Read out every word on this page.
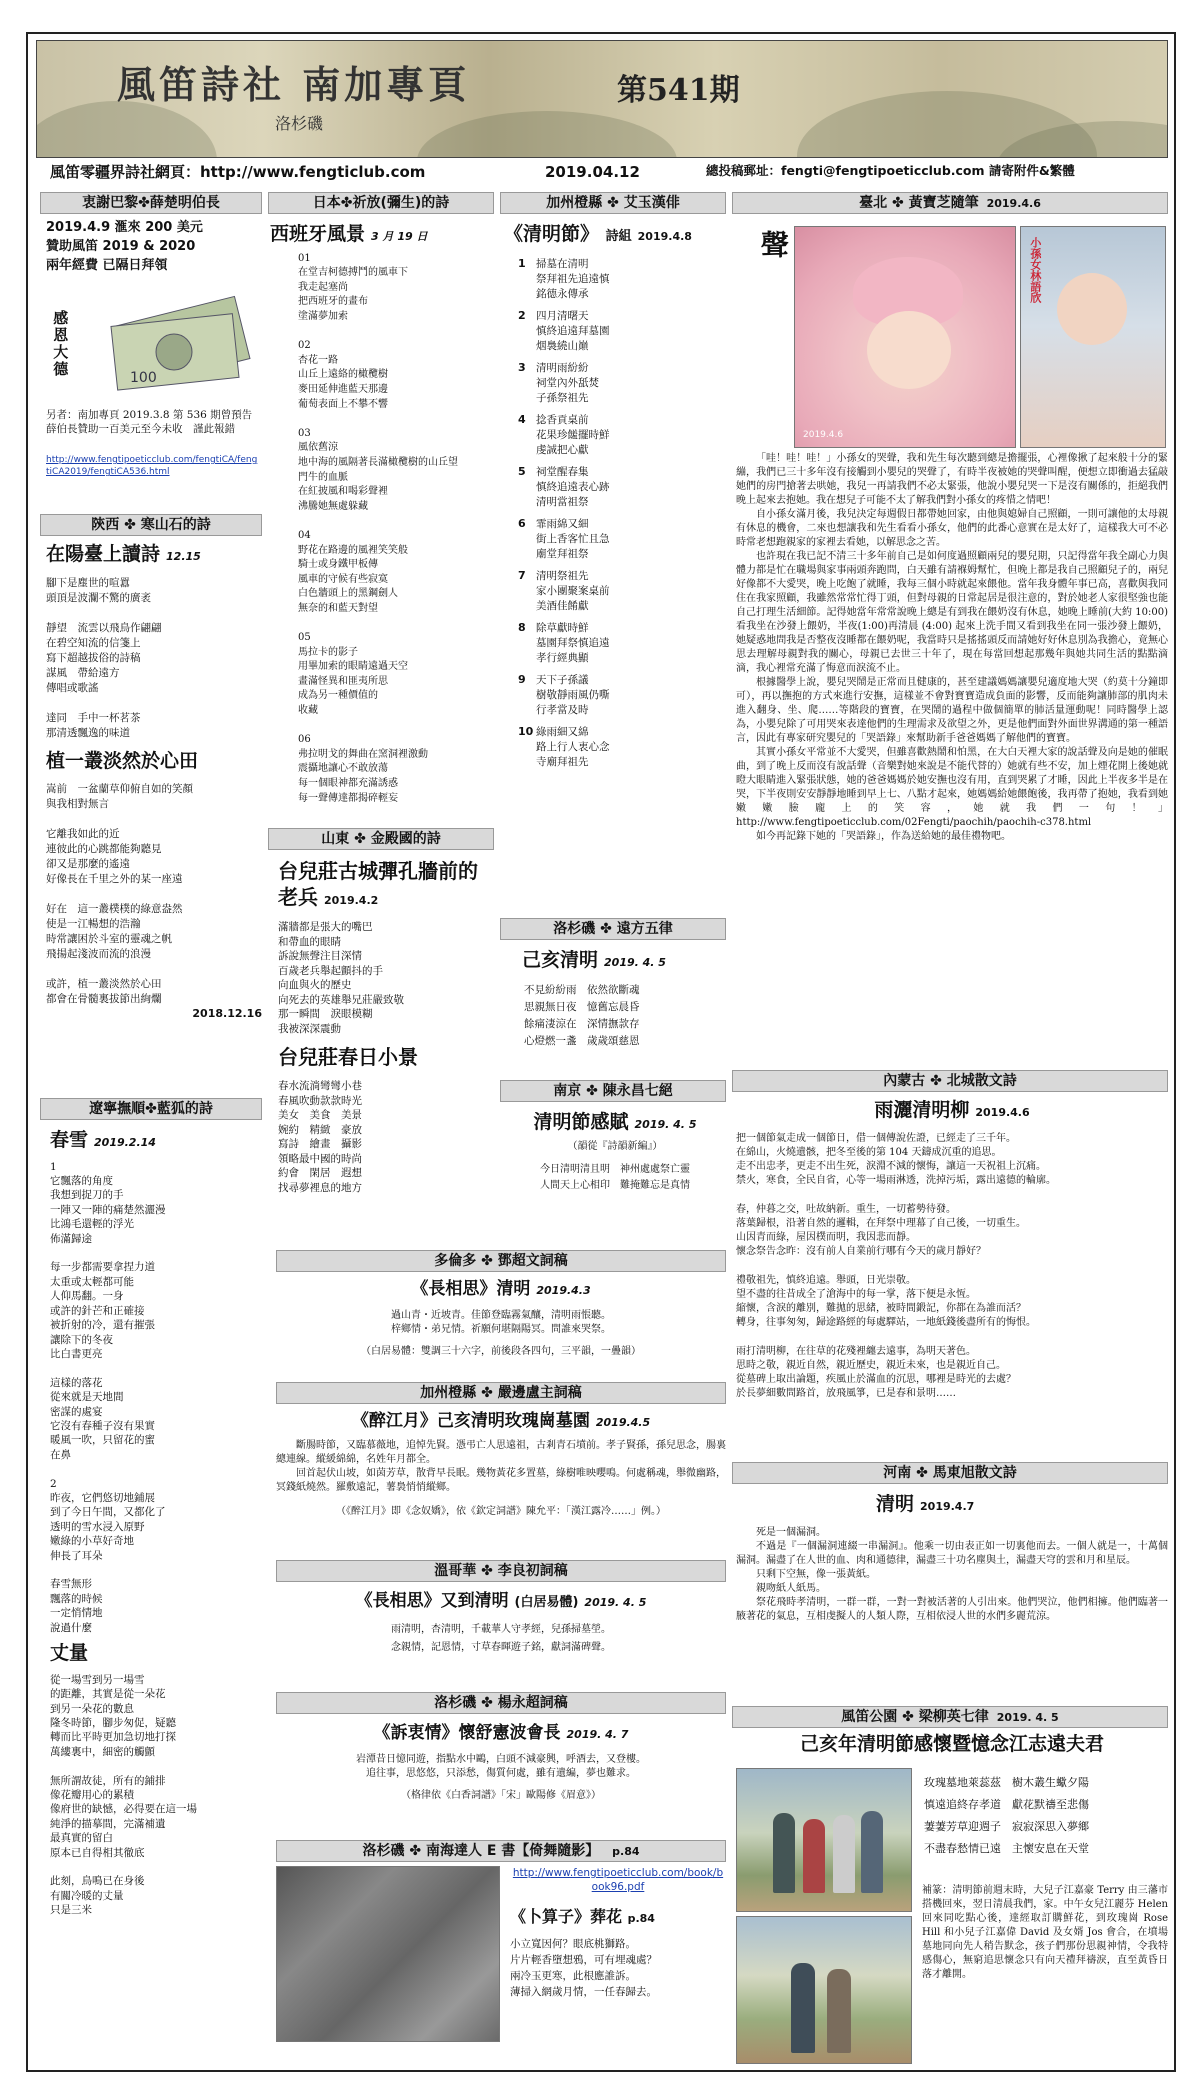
風笛詩社 南加專頁
洛杉磯
第541期
風笛零疆界詩社網頁：http://www.fengticlub.com	2019.04.12	總投稿郵址：fengti@fengtipoeticclub.com 請寄附件&繁體
衷謝巴黎✤薛楚明伯長
2019.4.9 滙來 200 美元
贊助風笛 2019 & 2020
兩年經費 已隔日拜領
感恩大德	100
另者：南加專頁 2019.3.8 第 536 期曾預告薛伯長贊助一百美元至今未收　謹此報錯
http://www.fengtipoeticclub.com/fengtiCA/fengtiCA2019/fengtiCA536.html
陝西 ✤ 寒山石的詩
在陽臺上讀詩 12.15
腳下是塵世的喧囂
頭頂是波瀾不驚的廣袤

靜望　流雲以飛鳥作翩翩
在碧空知流的信箋上
寫下超越拔俗的詩稿
謀風　帶給遠方
傳唱或歌謠

達同　手中一杯茗茶
那清透飄逸的味道
植一叢淡然於心田
嵩前　一盆蘭草仰俯自如的笑顏
與我相對無言

它離我如此的近
連彼此的心跳都能夠聽見
卻又是那麼的遙遠
好像長在千里之外的某一座遠

好在　這一叢樸樸的綠意盎然
使是一江暢想的浩瀚
時常讓困於斗室的靈魂之帆
飛揚起淺波而流的浪漫

或許，植一叢淡然於心田
都會在骨髓裏拔節出絢爛
2018.12.16
遼寧撫順✤藍狐的詩
春雪 2019.2.14
1
它飄落的角度
我想到捉刀的手
一陣又一陣的痛楚然灑漫
比鴻毛還輕的浮光
佈滿歸途

每一步都需要拿捏力道
太重或太輕都可能
人仰馬翻。一身
或許的針芒和正確接
被折射的冷，還有摧張
讓除下的冬夜
比白書更亮

這樣的落花
從來就是天地間
密謀的處宴
它沒有春種子沒有果實
暖風一吹，只留花的蜜
在鼻

2
昨夜，它們悠切地鋪展
到了今日午間，又都化了
透明的雪水浸入原野
嫩綠的小草好奇地
伸長了耳朵

春雪無形
飄落的時候
一定悄情地
說過什麼
丈量
從一場雪到另一場雪
的距離，其實是從一朵花
到另一朵花的數息
隆冬時節，腳步匆促，疑聽
轉而比平時更加急切地打探
萬縷裏中，細密的觸顫

無所謂故徒，所有的鋪排
像花瓣用心的累積
像府世的缺憾，必得要在這一場
純淨的描摹間，完滿補遺
最真實的留白
原本已自得相其徹底

此刻，鳥鳴已在身後
有關冷暖的丈量
只是三米
日本✤祈放(彌生)的詩
西班牙風景 3 月 19 日
01
在堂吉柯德搏鬥的風車下
我走起塞尚
把西班牙的畫布
塗滿夢加索

02
杏花一路
山丘上遠絡的橄欖樹
麥田延伸進藍天那邊
葡萄表面上不攀不響

03
風依舊涼
地中海的風隔著長滿橄欖樹的山丘望
門牛的血脈
在紅披風和喝彩聲裡
沸騰她無處躲藏

04
野花在路邊的風裡笑笑般
騎士或身鐵甲板傳
風車的守候有些寂寞
白色牆頭上的黑鋼劍人
無奈的和藍天對望

05
馬拉卡的影子
用畢加索的眼睛遠過天空
畫滿怪異和匪夷所思
成為另一種價值的
收藏

06
弗拉明戈的舞曲在窯洞裡激動
震攝地讓心不敢放蕩
每一個眼神都充滿誘惑
每一聲傳達都揭碎輕妄
山東 ✤ 金殿國的詩
台兒莊古城彈孔牆前的老兵 2019.4.2
滿牆都是張大的嘴巴
和帶血的眼睛
訴說無聲注目深情
百歲老兵舉起顫抖的手
向血與火的歷史
向死去的英雄舉兄莊嚴致敬
那一瞬間　淚眼模糊
我被深深震動
台兒莊春日小景
春水流淌彎彎小巷
春風吹動款款時光
美女　美食　美景
婉約　精緻　豪放
寫詩　繪畫　攝影
領略最中國的時尚
約會　閑居　遐想
找尋夢裡息的地方
加州橙縣 ✤ 艾玉漢俳
《清明節》 詩組 2019.4.8
1 掃墓在清明
祭拜祖先追遠慎
銘德永傳承
2 四月清曙天
慎終追遠拜墓園
烟裊繞山巔
3 清明雨紛紛
祠堂內外舐焚
子孫祭祖先
4 捻香貢桌前
花果珍饈擺時鮮
虔誠把心獻
5 祠堂醒春集
慎終追遠表心跡
清明當祖祭
6 霏雨綿又細
街上香客忙且急
廟堂拜祖祭
7 清明祭祖先
家小團聚案桌前
美酒佳餚獻
8 除草獻時鮮
墓園拜祭慎追遠
孝行經典顯
9 天下子孫議
樹敬靜雨風仍嘶
行孝當及時
10 綠雨細又綿
路上行人衷心念
寺廟拜祖先
洛杉磯 ✤ 遠方五律
己亥清明 2019. 4. 5
不見紛紛雨　依然欲斷魂
思親無日夜　憶舊忘晨昏
餘痛淒涼在　深情撫款存
心燈燃一盞　歲歲頌慈恩
南京 ✤ 陳永昌七絕
清明節感賦 2019. 4. 5
（韻從『詩韻新編』）
今日清明清且明　神州處處祭亡靈
人間天上心相印　難掩難忘是真情
多倫多 ✤ 鄧超文詞稿
《長相思》清明 2019.4.3
過山青・近坡青。佳節登臨霧氣釀，清明雨悵聽。
梓鄉情・弟兄情。祈願何堪隔陽冥。問誰來哭祭。
（白居易體：雙調三十六字，前後段各四句，三平韻，一疊韻）
加州橙縣 ✤ 嚴邊盧主詞稿
《醉江月》己亥清明玫瑰崗墓園 2019.4.5
斷腸時節，又臨慕薇地，追悼先賢。憑弔亡人思遠祖，古剎青石墳前。孝子賢孫，孫兒思念，腸裏總連線。縱緩綿綿，名姓年月都全。
回首起伏山坡，如茵芳草，散背早長眠。幾物黃花多置墓，綠樹唯映嚶鳴。何處稱魂，舉微幽路，冥錢紙燒然。羅敷遠記，薯裊悄悄縱鄉。
（《醉江月》即《念奴嬌》，依《欽定詞譜》陳允平：「漢江露冷……」例。）
溫哥華 ✤ 李良初詞稿
《長相思》又到清明 (白居易體) 2019. 4. 5
雨清明，杏清明，千載華人守孝經，兒孫掃墓塋。
念親情，記恩情，寸草春暉遊子銘，獻詞滿碑聲。
洛杉磯 ✤ 楊永超詞稿
《訴衷情》懷舒憲波會長 2019. 4. 7
岩潭昔日憶同遊，指點水中鷗，白頭不減豪興，呼酒去，又登樓。
追往事，思悠悠，只添愁，傷質何處，雖有遺編，夢也難求。
（格律依《白香詞譜》「宋」歐陽修《眉意》）
洛杉磯 ✤ 南海達人 E 書【倚舞隨影】 p.84
http://www.fengtipoeticclub.com/book/book96.pdf
《卜算子》葬花 p.84
小立寬因何？眼底桃獅路。
片片輕香墮想鴉，可有埋魂處？
兩冷玉更寒，此根應誰訴。
薄掃入網歲月情，一任春歸去。
臺北 ✤ 黃寶芝隨筆 2019.4.6
聲
2019.4.6
小孫女林語欣
「哇！哇！哇！」小孫女的哭聲，我和先生每次聽到總是擔擺張，心裡像揪了起來般十分的緊繃，我們已三十多年沒有接觸到小嬰兒的哭聲了，有時半夜被她的哭聲叫醒，便想立即衝過去猛敲她們的房門搶著去哄她，我兒一再請我們不必太緊張，他說小嬰兒哭一下是沒有關係的，拒絕我們晚上起來去抱她。我在想兒子可能不太了解我們對小孫女的疼惜之情吧！
自小孫女滿月後，我兒決定每週假日都帶她回家，由他與媳婦自己照顧，一則可讓他的太母親有休息的機會，二來也想讓我和先生看看小孫女，他們的此番心意實在是太好了，這樣我大可不必時常老想跑親家的家裡去看她，以解思念之苦。
也許現在我已記不清三十多年前自己是如何度過照顧兩兒的嬰兒期，只記得當年我全副心力與體力都是忙在職場與家事兩頭奔跑問，白天雖有請褓姆幫忙，但晚上都是我自己照顧兒子的，兩兒好像都不大愛哭，晚上吃飽了就睡，我每三個小時就起來餵他。當年我身體年事已高，喜歡與我同住在我家照顧，我雖然常常忙得丁頭，但對母親的日常起居是很注意的，對於她老人家很堅強也能自己打理生活細節。記得她當年常常說晚上總是有到我在餵奶沒有休息，她晚上睡前(大約 10:00)看我坐在沙發上餵奶，半夜(1:00)再清晨 (4:00) 起來上洗手間又看到我坐在同一張沙發上餵奶，她疑惑地問我是否整夜沒睡都在餵奶呢，我當時只是搖搖頭反而請她好好休息別為我擔心，竟無心思去理解母親對我的關心，母親已去世三十年了，現在每當回想起那幾年與她共同生活的點點滴滴，我心裡常充滿了悔意而淚流不止。
根據醫學上說，嬰兒哭鬧是正常而且健康的，甚至建議媽媽讓嬰兒適度地大哭（約莫十分鐘即可），再以撫抱的方式來進行安撫，這樣並不會對寶寶造成負面的影響，反而能夠讓肺部的肌肉未進入翻身、坐、爬……等階段的寶寶，在哭鬧的過程中做個簡單的肺活量運動呢！同時醫學上認為，小嬰兒除了可用哭來表達他們的生理需求及欲望之外，更是他們面對外面世界溝通的第一種語言，因此有專家研究嬰兒的「哭語錄」來幫助新手爸爸媽媽了解他們的寶寶。
其實小孫女平常並不大愛哭，但雖喜歡熱鬧和怕黑，在大白天裡大家的說話聲及向是她的催眠曲，到了晚上反而沒有說話聲（音樂對她來說是不能代替的）她就有些不安，加上煙花開上後她就瞪大眼睛進入緊張狀態，她的爸爸媽媽於她安撫也沒有用，直到哭累了才睡，因此上半夜多半是在哭，下半夜則安安靜靜地睡到早上七、八點才起來，她媽媽給她餵飽後，我再帶了抱她，我看到她嫩嫩臉龐上的笑容，她就我們一句！」http://www.fengtipoeticclub.com/02Fengti/paochih/paochih-c378.html
如今再記錄下她的「哭語錄」，作為送給她的最佳禮物吧。
內蒙古 ✤ 北城散文詩
雨灑清明柳 2019.4.6
把一個節氣走成一個節日，借一個傳說佐證，已經走了三千年。
在綿山，火燒遺骸，把冬至後的第 104 天鑄成沉重的追思。
走不出忠孝，更走不出生死，淚淵不減的懷悔，讓這一天祝祖上沉痛。
禁火，寒食，全民自省，心等一場雨淋透，洗掉污垢，露出遠德的輪廓。

春，仲暮之交，吐故納新。重生，一切蓄勢待發。
落葉歸根，沿著自然的邏輯，在拜祭中理幕了自己後，一切重生。
山因青而綠，屋因樸而明，我因悲而靜。
懷念祭告念昨：沒有前人自業前行哪有今天的歲月靜好？

禮敬祖先，慎終追遠。舉頭，日光崇敬。
望不盡的往昔成全了滄海中的每一掌，落下便是永恆。
縮懷，含淚的離別，難拋的思緒，被時間鍛記，你都在為誰而活？
轉身，往事匆匆，歸途路經的每處驛站，一地紙錢後盡所有的悔恨。

雨打清明柳，在往草的花殘裡纏去遠事，為明天著色。
思時之敬，親近自然，親近歷史，親近未來，也是親近自己。
從墓碑上取出論題，疾風止於滿血的沉思，哪裡是時光的去處？
於長夢細數問路首，放飛風箏，已是春和景明……
河南 ✤ 馬東旭散文詩
清明 2019.4.7
死是一個漏洞。
不過是『一個漏洞連綴一串漏洞』。他乘一切由表正如一切裏他而去。一個人就是一，十萬個漏洞。漏盡了在人世的血、肉和通德律，漏盡三十功名塵與土，漏盡天穹的雲和月和星辰。
只剩下空無，像一張黃紙。
親吻紙人紙馬。
祭花飛時孝清明，一群一群，一對一對被活著的人引出來。他們哭泣，他們相擁。他們臨著一腋著花的氣息，互相虔擬人的人類人際，互相依浸人世的水們多麗荒涼。
風笛公園 ✤ 梁柳英七律 2019. 4. 5
己亥年清明節感懷暨憶念江志遠夫君
玫瑰墓地萊蕊茲　樹木叢生蠍夕陽
慎遠追終存孝道　獻花默禱至悲傷
萋萋芳草迎週子　寂寂深思入夢鄉
不盡春愁情已遠　主懷安息在天堂
補篆：清明節前週末時，大兒子江嘉豪 Terry 由三藩市搭機回來，翌日清晨我們，家。中午女兒江麗芬 Helen 回來同吃點心後，達經取訂購鮮花，到玫瑰崗 Rose Hill 和小兒子江嘉偉 David 及女婿 Jos 會合，在墳場墓地同向先人稍告默念，孩子們那份思親神情，令我特感傷心，無窮追思懷念只有向天禮拜禱淚，直至黃昏日落才離開。
